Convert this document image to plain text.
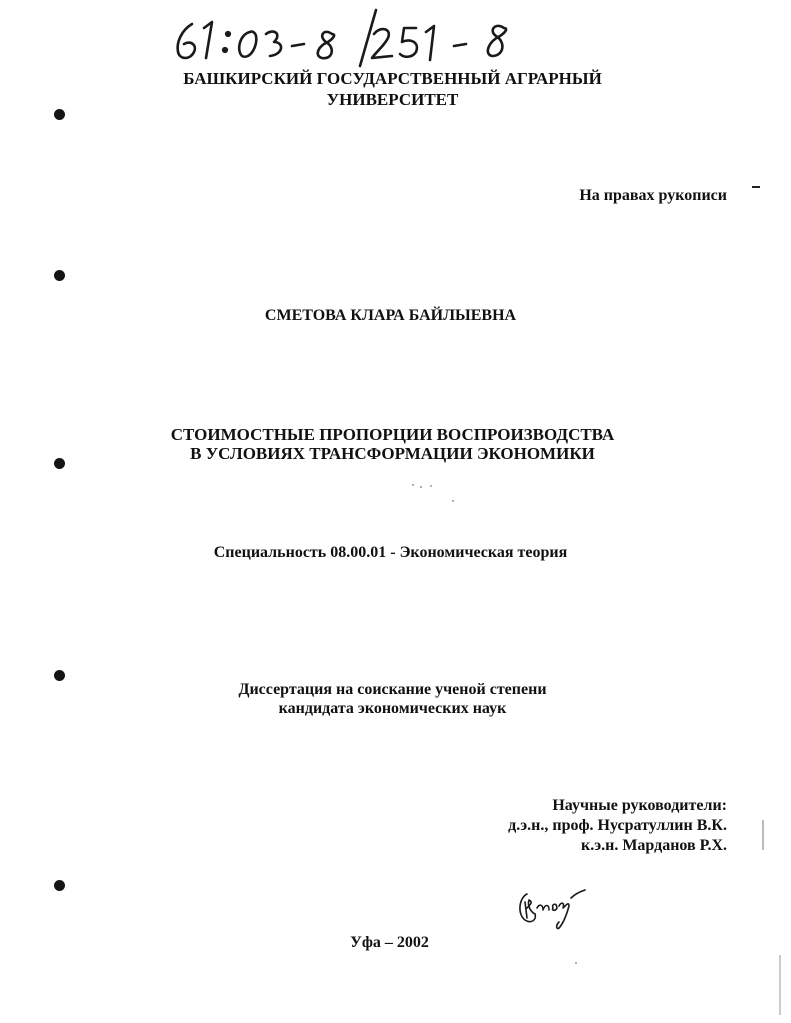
БАШКИРСКИЙ ГОСУДАРСТВЕННЫЙ АГРАРНЫЙ
УНИВЕРСИТЕТ
На правах рукописи
СМЕТОВА КЛАРА БАЙЛЫЕВНА
СТОИМОСТНЫЕ ПРОПОРЦИИ ВОСПРОИЗВОДСТВА
В УСЛОВИЯХ ТРАНСФОРМАЦИИ ЭКОНОМИКИ
Специальность 08.00.01 - Экономическая теория
Диссертация на соискание ученой степени
кандидата экономических наук
Научные руководители:
д.э.н., проф. Нусратуллин В.К.
к.э.н. Марданов Р.Х.
Уфа – 2002
